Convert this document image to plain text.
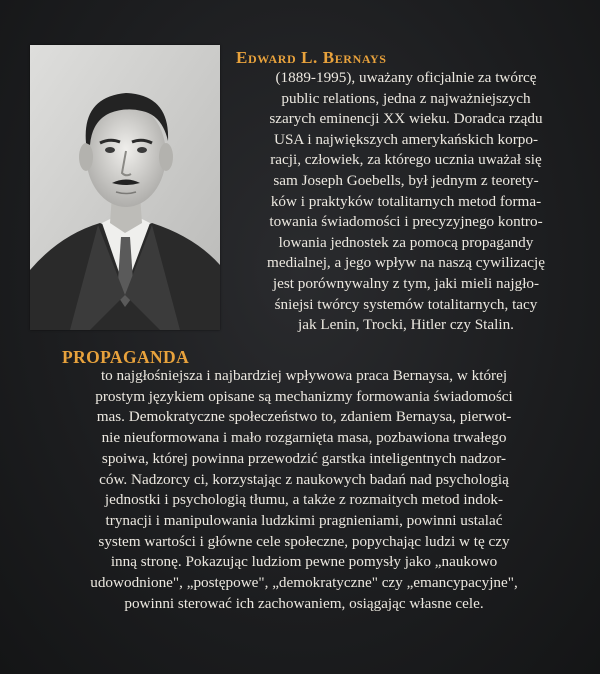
Edward L. Bernays
(1889-1995), uważany oficjalnie za twórcę
public relations, jedna z najważniejszych
szarych eminencji XX wieku. Doradca rządu
USA i największych amerykańskich korpo-
racji, człowiek, za którego ucznia uważał się
sam Joseph Goebells, był jednym z teorety-
ków i praktyków totalitarnych metod forma-
towania świadomości i precyzyjnego kontro-
lowania jednostek za pomocą propagandy
medialnej, a jego wpływ na naszą cywilizację
jest porównywalny z tym, jaki mieli najgło-
śniejsi twórcy systemów totalitarnych, tacy
jak Lenin, Trocki, Hitler czy Stalin.
PROPAGANDA
to najgłośniejsza i najbardziej wpływowa praca Bernaysa, w której
prostym językiem opisane są mechanizmy formowania świadomości
mas. Demokratyczne społeczeństwo to, zdaniem Bernaysa, pierwot-
nie nieuformowana i mało rozgarnięta masa, pozbawiona trwałego
spoiwa, której powinna przewodzić garstka inteligentnych nadzor-
ców. Nadzorcy ci, korzystając z naukowych badań nad psychologią
jednostki i psychologią tłumu, a także z rozmaitych metod indok-
trynacji i manipulowania ludzkimi pragnieniami, powinni ustalać
system wartości i główne cele społeczne, popychając ludzi w tę czy
inną stronę. Pokazując ludziom pewne pomysły jako „naukowo
udowodnione", „postępowe", „demokratyczne" czy „emancypacyjne",
powinni sterować ich zachowaniem, osiągając własne cele.
